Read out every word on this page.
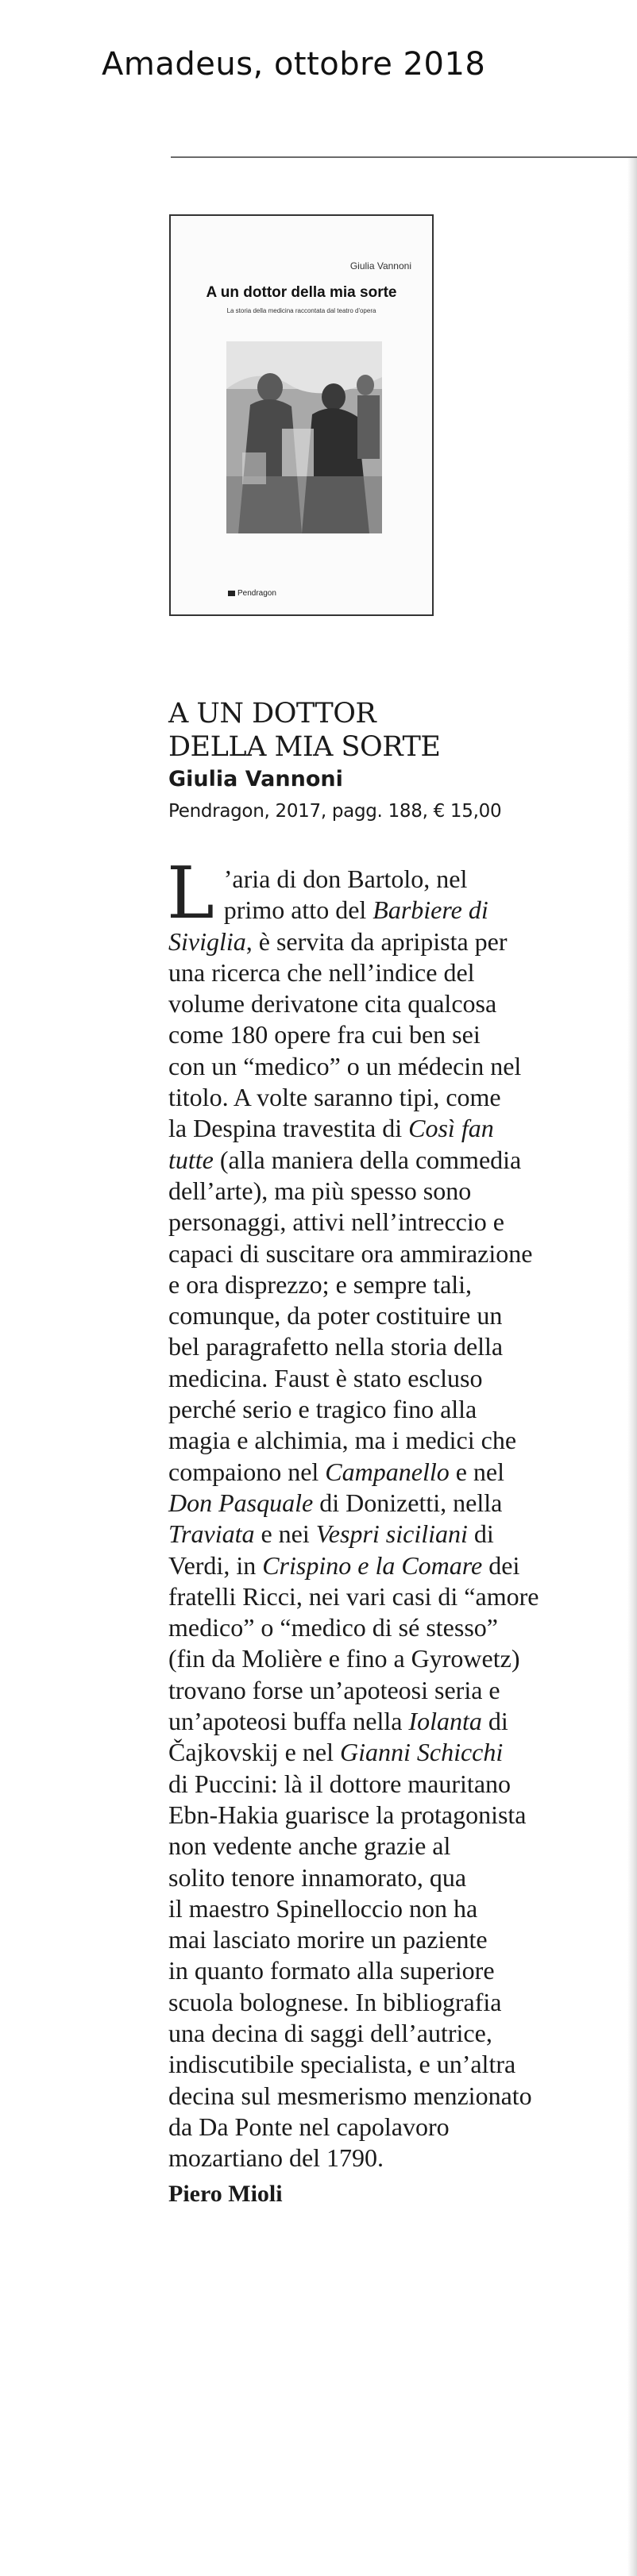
Amadeus, ottobre 2018
Giulia Vannoni
A un dottor della mia sorte
La storia della medicina raccontata dal teatro d'opera
Pendragon
A UN DOTTOR
DELLA MIA SORTE
Giulia Vannoni
Pendragon, 2017, pagg. 188, € 15,00
L ’aria di don Bartolo, nel
primo atto del Barbiere di
Siviglia, è servita da apripista per
una ricerca che nell’indice del
volume derivatone cita qualcosa
come 180 opere fra cui ben sei
con un “medico” o un médecin nel
titolo. A volte saranno tipi, come
la Despina travestita di Così fan
tutte (alla maniera della commedia
dell’arte), ma più spesso sono
personaggi, attivi nell’intreccio e
capaci di suscitare ora ammirazione
e ora disprezzo; e sempre tali,
comunque, da poter costituire un
bel paragrafetto nella storia della
medicina. Faust è stato escluso
perché serio e tragico fino alla
magia e alchimia, ma i medici che
compaiono nel Campanello e nel
Don Pasquale di Donizetti, nella
Traviata e nei Vespri siciliani di
Verdi, in Crispino e la Comare dei
fratelli Ricci, nei vari casi di “amore
medico” o “medico di sé stesso”
(fin da Molière e fino a Gyrowetz)
trovano forse un’apoteosi seria e
un’apoteosi buffa nella Iolanta di
Čajkovskij e nel Gianni Schicchi
di Puccini: là il dottore mauritano
Ebn-Hakia guarisce la protagonista
non vedente anche grazie al
solito tenore innamorato, qua
il maestro Spinelloccio non ha
mai lasciato morire un paziente
in quanto formato alla superiore
scuola bolognese. In bibliografia
una decina di saggi dell’autrice,
indiscutibile specialista, e un’altra
decina sul mesmerismo menzionato
da Da Ponte nel capolavoro
mozartiano del 1790.
Piero Mioli
